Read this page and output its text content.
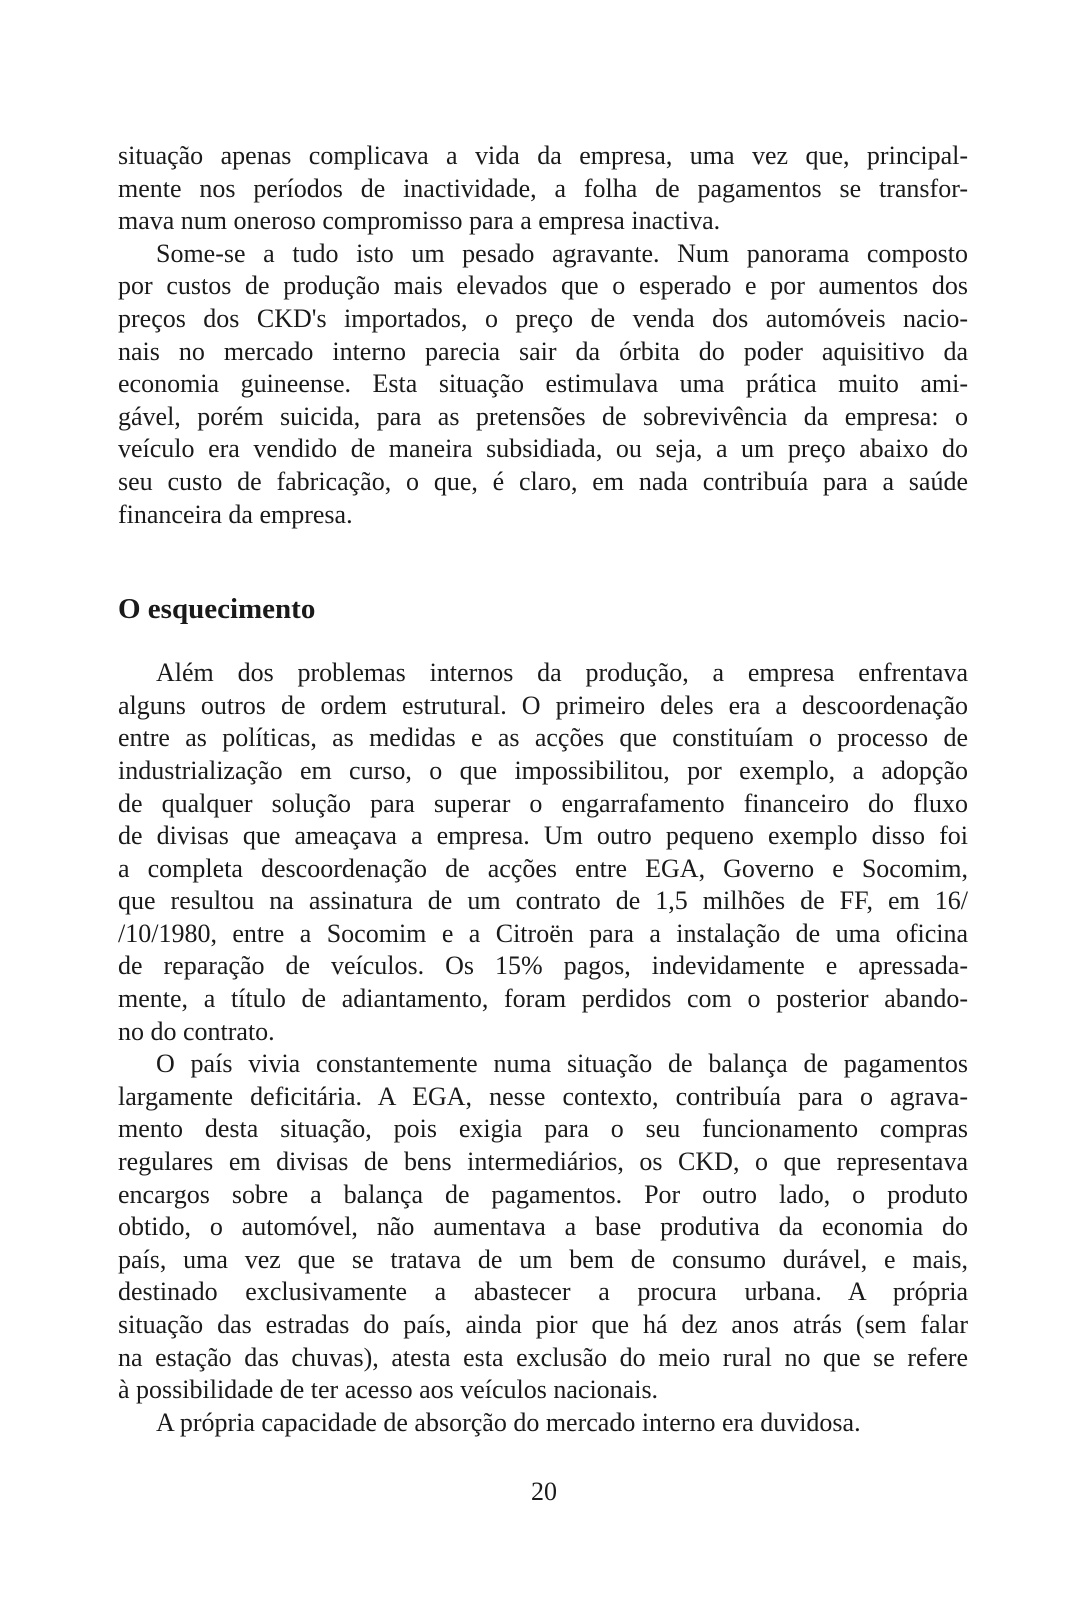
situação apenas complicava a vida da empresa, uma vez que, principal-
mente nos períodos de inactividade, a folha de pagamentos se transfor-
mava num oneroso compromisso para a empresa inactiva.

Some-se a tudo isto um pesado agravante. Num panorama composto
por custos de produção mais elevados que o esperado e por aumentos dos
preços dos CKD's importados, o preço de venda dos automóveis nacio-
nais no mercado interno parecia sair da órbita do poder aquisitivo da
economia guineense. Esta situação estimulava uma prática muito ami-
gável, porém suicida, para as pretensões de sobrevivência da empresa: o
veículo era vendido de maneira subsidiada, ou seja, a um preço abaixo do
seu custo de fabricação, o que, é claro, em nada contribuía para a saúde
financeira da empresa.

O esquecimento

Além dos problemas internos da produção, a empresa enfrentava
alguns outros de ordem estrutural. O primeiro deles era a descoordenação
entre as políticas, as medidas e as acções que constituíam o processo de
industrialização em curso, o que impossibilitou, por exemplo, a adopção
de qualquer solução para superar o engarrafamento financeiro do fluxo
de divisas que ameaçava a empresa. Um outro pequeno exemplo disso foi
a completa descoordenação de acções entre EGA, Governo e Socomim,
que resultou na assinatura de um contrato de 1,5 milhões de FF, em 16/
/10/1980, entre a Socomim e a Citroën para a instalação de uma oficina
de reparação de veículos. Os 15% pagos, indevidamente e apressada-
mente, a título de adiantamento, foram perdidos com o posterior abando-
no do contrato.

O país vivia constantemente numa situação de balança de pagamentos
largamente deficitária. A EGA, nesse contexto, contribuía para o agrava-
mento desta situação, pois exigia para o seu funcionamento compras
regulares em divisas de bens intermediários, os CKD, o que representava
encargos sobre a balança de pagamentos. Por outro lado, o produto
obtido, o automóvel, não aumentava a base produtiva da economia do
país, uma vez que se tratava de um bem de consumo durável, e mais,
destinado exclusivamente a abastecer a procura urbana. A própria
situação das estradas do país, ainda pior que há dez anos atrás (sem falar
na estação das chuvas), atesta esta exclusão do meio rural no que se refere
à possibilidade de ter acesso aos veículos nacionais.

A própria capacidade de absorção do mercado interno era duvidosa.

20
